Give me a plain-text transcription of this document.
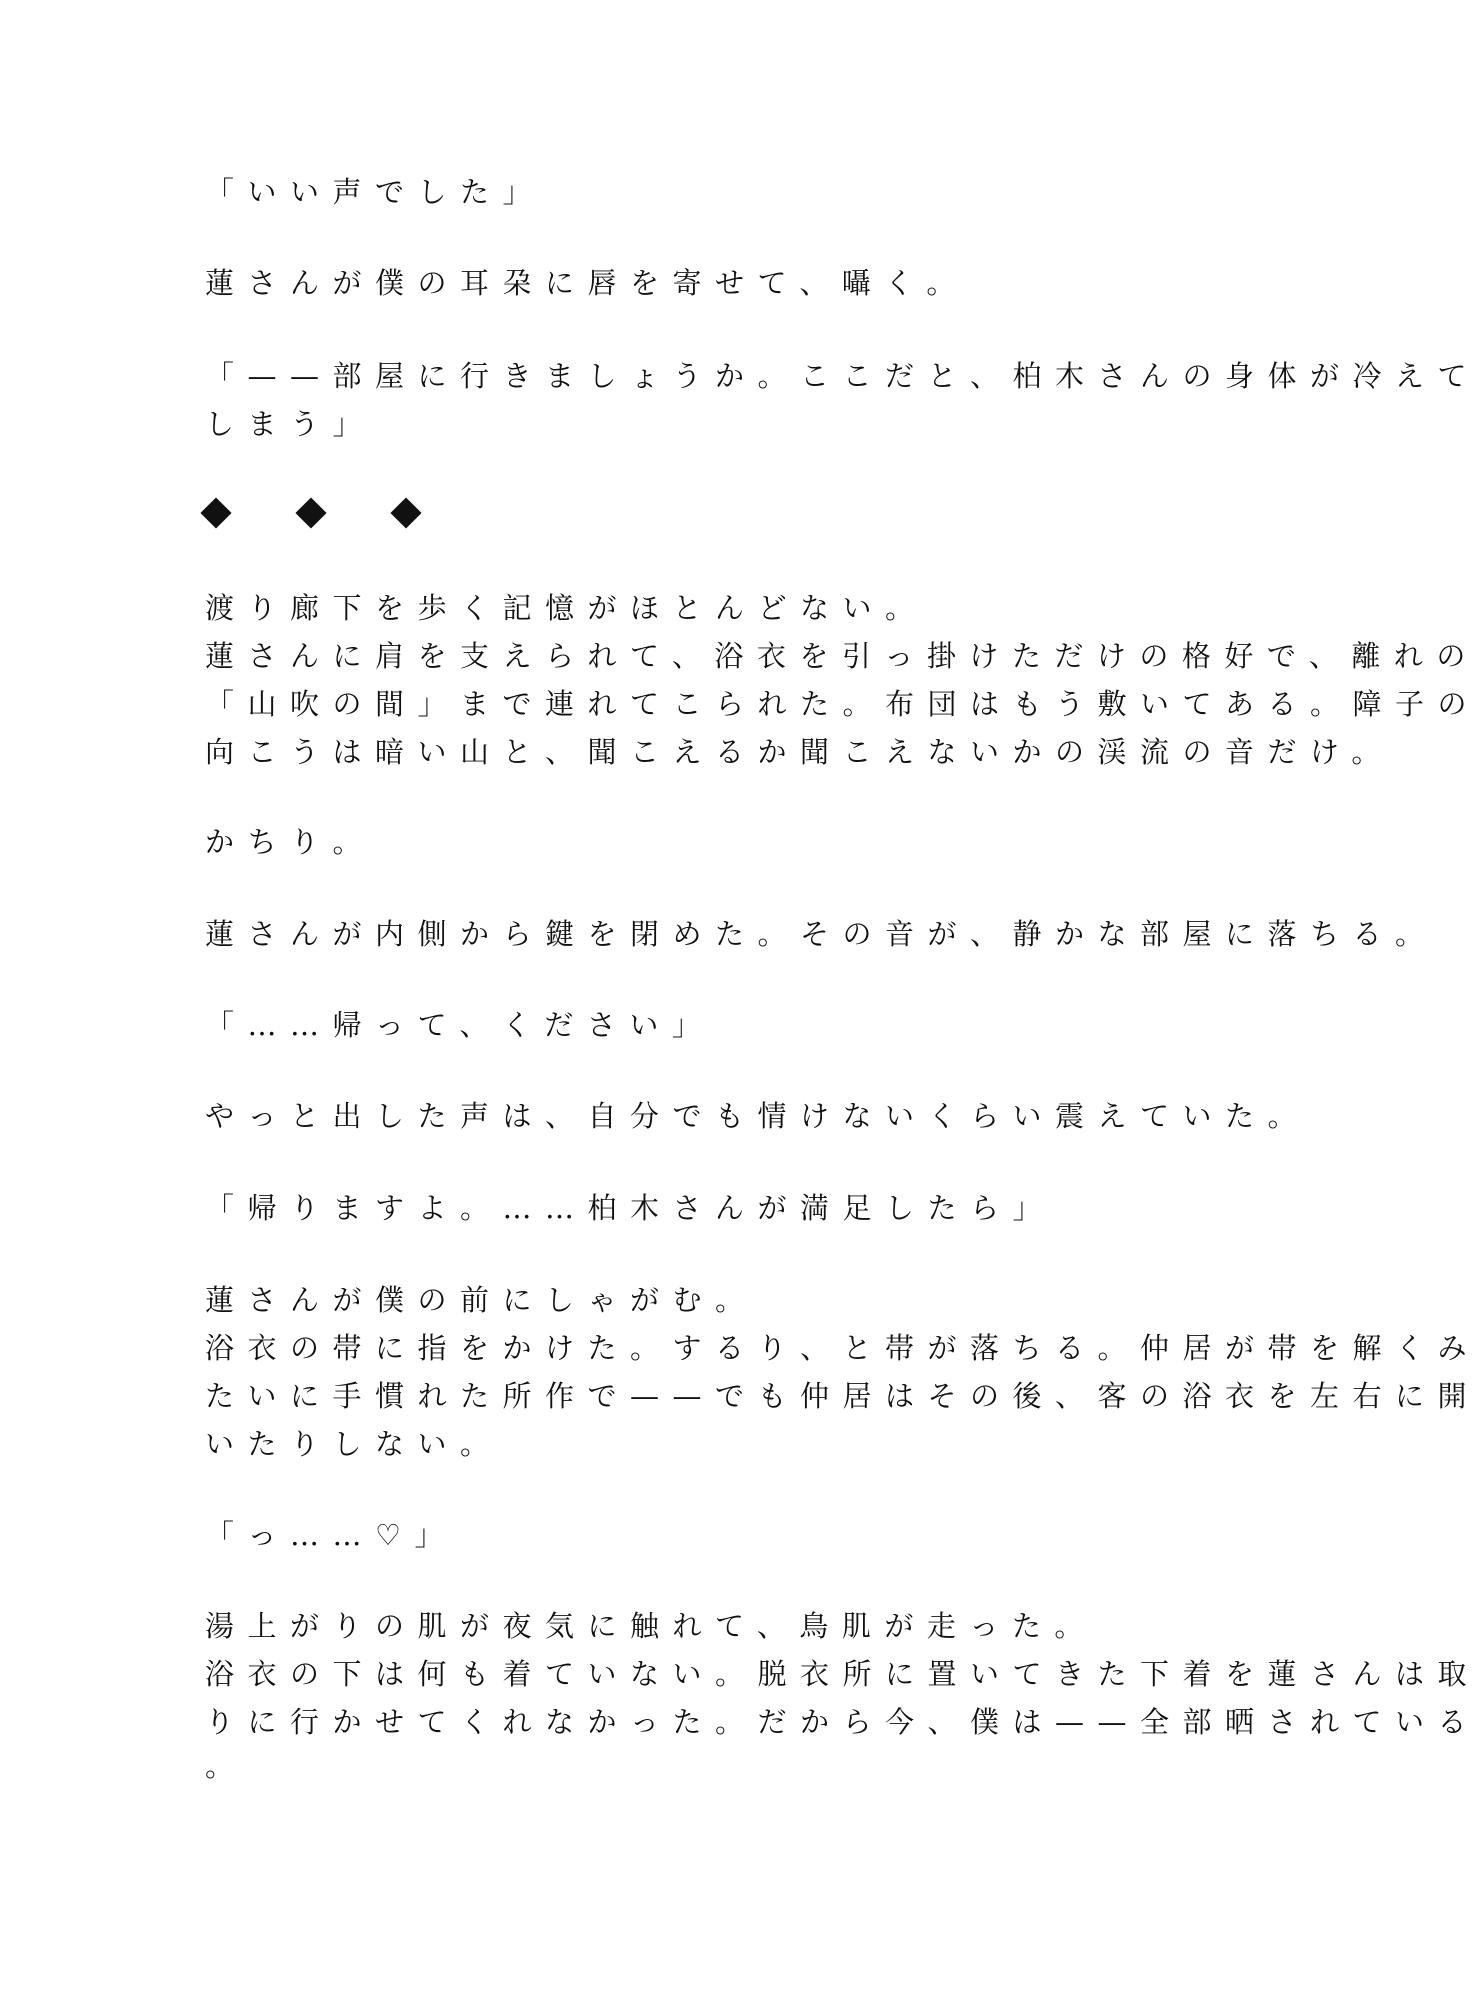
「いい声でした」
蓮さんが僕の耳朶に唇を寄せて、囁く。
「——部屋に行きましょうか。ここだと、柏木さんの身体が冷えて
しまう」
渡り廊下を歩く記憶がほとんどない。
蓮さんに肩を支えられて、浴衣を引っ掛けただけの格好で、離れの
「山吹の間」まで連れてこられた。布団はもう敷いてある。障子の
向こうは暗い山と、聞こえるか聞こえないかの渓流の音だけ。
かちり。
蓮さんが内側から鍵を閉めた。その音が、静かな部屋に落ちる。
「……帰って、ください」
やっと出した声は、自分でも情けないくらい震えていた。
「帰りますよ。……柏木さんが満足したら」
蓮さんが僕の前にしゃがむ。
浴衣の帯に指をかけた。するり、と帯が落ちる。仲居が帯を解くみ
たいに手慣れた所作で——でも仲居はその後、客の浴衣を左右に開
いたりしない。
「っ……♡」
湯上がりの肌が夜気に触れて、鳥肌が走った。
浴衣の下は何も着ていない。脱衣所に置いてきた下着を蓮さんは取
りに行かせてくれなかった。だから今、僕は——全部晒されている
。
